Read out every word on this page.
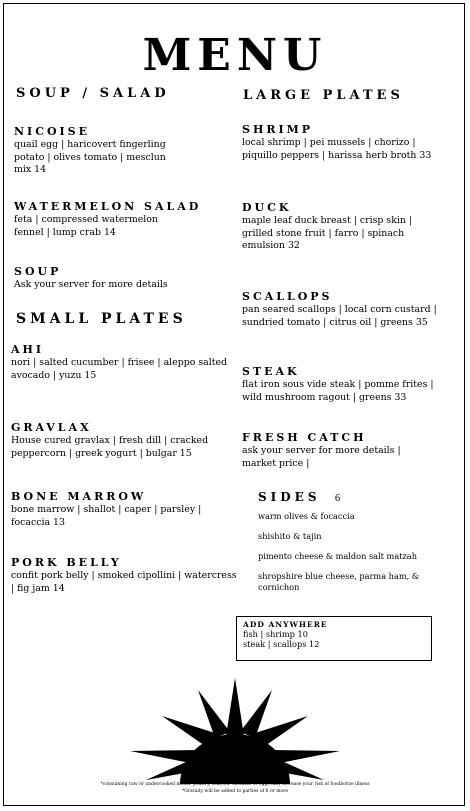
MENU
SOUP / SALAD
NICOISE
quail egg | haricovert fingerling potato | olives tomato | mesclun mix 14
WATERMELON SALAD
feta | compressed watermelon fennel | lump crab 14
SOUP
Ask your server for more details
SMALL PLATES
AHI
nori | salted cucumber | frisee | aleppo salted avocado | yuzu 15
GRAVLAX
House cured gravlax | fresh dill | cracked peppercorn | greek yogurt | bulgar 15
BONE MARROW
bone marrow | shallot | caper | parsley | focaccia 13
PORK BELLY
confit pork belly | smoked cipollini | watercress | fig jam 14
LARGE PLATES
SHRIMP
local shrimp | pei mussels | chorizo | piquillo peppers | harissa herb broth 33
DUCK
maple leaf duck breast | crisp skin | grilled stone fruit | farro | spinach emulsion 32
SCALLOPS
pan seared scallops | local corn custard | sundried tomato | citrus oil | greens 35
STEAK
flat iron sous vide steak | pomme frites | wild mushroom ragout | greens 33
FRESH CATCH
ask your server for more details | market price |
SIDES 6
warm olives & focaccia
shishito & tajin
pimento cheese & maldon salt matzah
shropshire blue cheese, parma ham, & cornichon
ADD ANYWHERE
fish | shrimp 10
steak | scallops 12
*consuming raw or undercooked meats, poultry, seafood, shellfish or eggs may increase your risk of foodborne illness
*Gratuity will be added to parties of 6 or more
